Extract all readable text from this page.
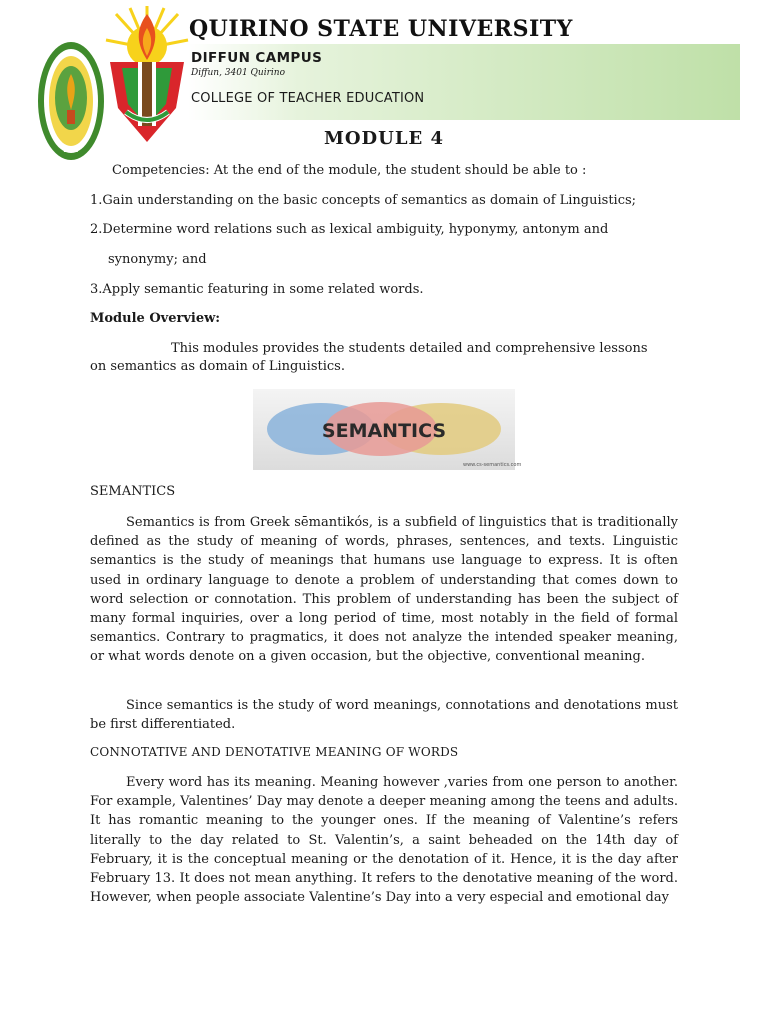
2012
QUIRINO STATE UNIVERSITY
DIFFUN CAMPUS
Diffun, 3401 Quirino
COLLEGE OF TEACHER EDUCATION
MODULE 4
Competencies: At the end of the module, the student should be able to :
1.Gain understanding on the basic concepts of semantics as domain of Linguistics;
2.Determine word relations such as lexical ambiguity, hyponymy, antonym and
synonymy; and
3.Apply semantic featuring in some related words.
Module Overview:
This modules provides the students detailed and comprehensive lessons
on semantics as domain of Linguistics.
SEMANTICS
www.cs-semantics.com
SEMANTICS
Semantics is from Greek sēmantikós, is a subfield of linguistics that is traditionally defined as the study of meaning of words, phrases, sentences, and texts. Linguistic semantics is the study of meanings that humans use language to express. It is often used in ordinary language to denote a problem of understanding that comes down to word selection or connotation. This problem of understanding has been the subject of many formal inquiries, over a long period of time, most notably in the field of formal semantics. Contrary to pragmatics, it does not analyze the intended speaker meaning, or what words denote on a given occasion, but the objective, conventional meaning.
Since semantics is the study of word meanings, connotations and denotations must be first differentiated.
CONNOTATIVE AND DENOTATIVE MEANING OF WORDS
Every word has its meaning. Meaning however ,varies from one person to another. For example, Valentines’ Day may denote a deeper meaning among the teens and adults. It has romantic meaning to the younger ones. If the meaning of Valentine’s refers literally to the day related to St. Valentin’s, a saint beheaded on the 14th day of February, it is the conceptual meaning or the denotation of it. Hence, it is the day after February 13. It does not mean anything. It refers to the denotative meaning of the word. However, when people associate Valentine’s Day into a very especial and emotional day
